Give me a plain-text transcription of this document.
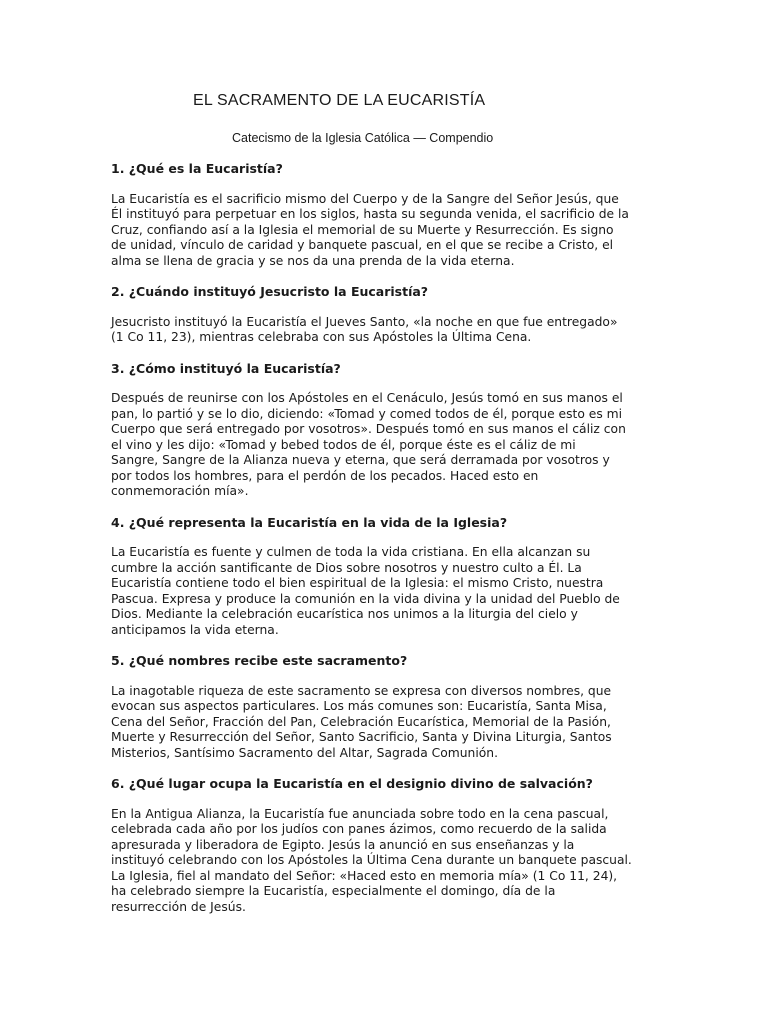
EL SACRAMENTO DE LA EUCARISTÍA

Catecismo de la Iglesia Católica — Compendio

1. ¿Qué es la Eucaristía?

La Eucaristía es el sacrificio mismo del Cuerpo y de la Sangre del Señor Jesús, que
Él instituyó para perpetuar en los siglos, hasta su segunda venida, el sacrificio de la
Cruz, confiando así a la Iglesia el memorial de su Muerte y Resurrección. Es signo
de unidad, vínculo de caridad y banquete pascual, en el que se recibe a Cristo, el
alma se llena de gracia y se nos da una prenda de la vida eterna.

2. ¿Cuándo instituyó Jesucristo la Eucaristía?

Jesucristo instituyó la Eucaristía el Jueves Santo, «la noche en que fue entregado»
(1 Co 11, 23), mientras celebraba con sus Apóstoles la Última Cena.

3. ¿Cómo instituyó la Eucaristía?

Después de reunirse con los Apóstoles en el Cenáculo, Jesús tomó en sus manos el
pan, lo partió y se lo dio, diciendo: «Tomad y comed todos de él, porque esto es mi
Cuerpo que será entregado por vosotros». Después tomó en sus manos el cáliz con
el vino y les dijo: «Tomad y bebed todos de él, porque éste es el cáliz de mi
Sangre, Sangre de la Alianza nueva y eterna, que será derramada por vosotros y
por todos los hombres, para el perdón de los pecados. Haced esto en
conmemoración mía».

4. ¿Qué representa la Eucaristía en la vida de la Iglesia?

La Eucaristía es fuente y culmen de toda la vida cristiana. En ella alcanzan su
cumbre la acción santificante de Dios sobre nosotros y nuestro culto a Él. La
Eucaristía contiene todo el bien espiritual de la Iglesia: el mismo Cristo, nuestra
Pascua. Expresa y produce la comunión en la vida divina y la unidad del Pueblo de
Dios. Mediante la celebración eucarística nos unimos a la liturgia del cielo y
anticipamos la vida eterna.

5. ¿Qué nombres recibe este sacramento?

La inagotable riqueza de este sacramento se expresa con diversos nombres, que
evocan sus aspectos particulares. Los más comunes son: Eucaristía, Santa Misa,
Cena del Señor, Fracción del Pan, Celebración Eucarística, Memorial de la Pasión,
Muerte y Resurrección del Señor, Santo Sacrificio, Santa y Divina Liturgia, Santos
Misterios, Santísimo Sacramento del Altar, Sagrada Comunión.

6. ¿Qué lugar ocupa la Eucaristía en el designio divino de salvación?

En la Antigua Alianza, la Eucaristía fue anunciada sobre todo en la cena pascual,
celebrada cada año por los judíos con panes ázimos, como recuerdo de la salida
apresurada y liberadora de Egipto. Jesús la anunció en sus enseñanzas y la
instituyó celebrando con los Apóstoles la Última Cena durante un banquete pascual.
La Iglesia, fiel al mandato del Señor: «Haced esto en memoria mía» (1 Co 11, 24),
ha celebrado siempre la Eucaristía, especialmente el domingo, día de la
resurrección de Jesús.
